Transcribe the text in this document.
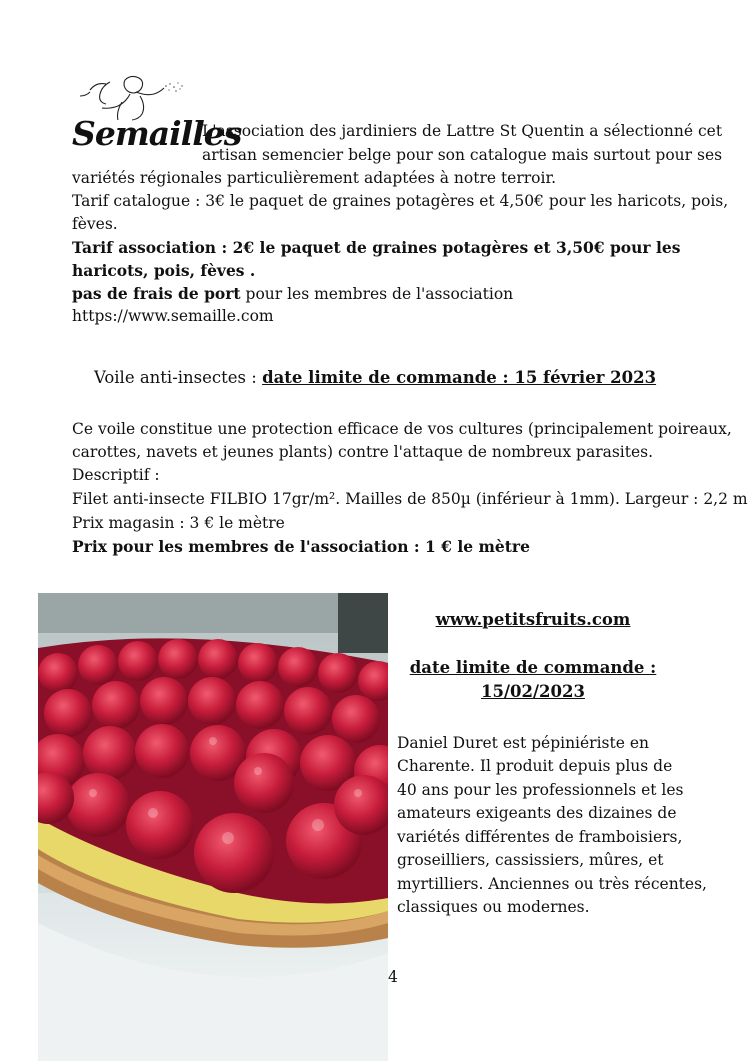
Semailles
L'association des jardiniers de Lattre St Quentin a sélectionné cet
artisan semencier belge pour son catalogue mais surtout pour ses
variétés régionales particulièrement adaptées à notre terroir.
Tarif catalogue : 3€ le paquet de graines potagères et 4,50€ pour les haricots, pois,
fèves.
Tarif association : 2€ le paquet de graines potagères et 3,50€ pour les
haricots, pois, fèves .
pas de frais de port pour les membres de l'association
https://www.semaille.com
Voile anti-insectes : date limite de commande : 15 février 2023
Ce voile constitue une protection efficace de vos cultures (principalement poireaux,
carottes, navets et jeunes plants) contre l'attaque de nombreux parasites.
Descriptif :
Filet anti-insecte FILBIO 17gr/m². Mailles de 850µ (inférieur à 1mm). Largeur : 2,2 m
Prix magasin : 3 € le mètre
Prix pour les membres de l'association : 1 € le mètre
www.petitsfruits.com
date limite de commande :
15/02/2023
Daniel Duret est pépiniériste en
Charente. Il produit depuis plus de
40 ans pour les professionnels et les
amateurs exigeants des dizaines de
variétés différentes de framboisiers,
groseilliers, cassissiers, mûres, et
myrtilliers. Anciennes ou très récentes,
classiques ou modernes.
4
